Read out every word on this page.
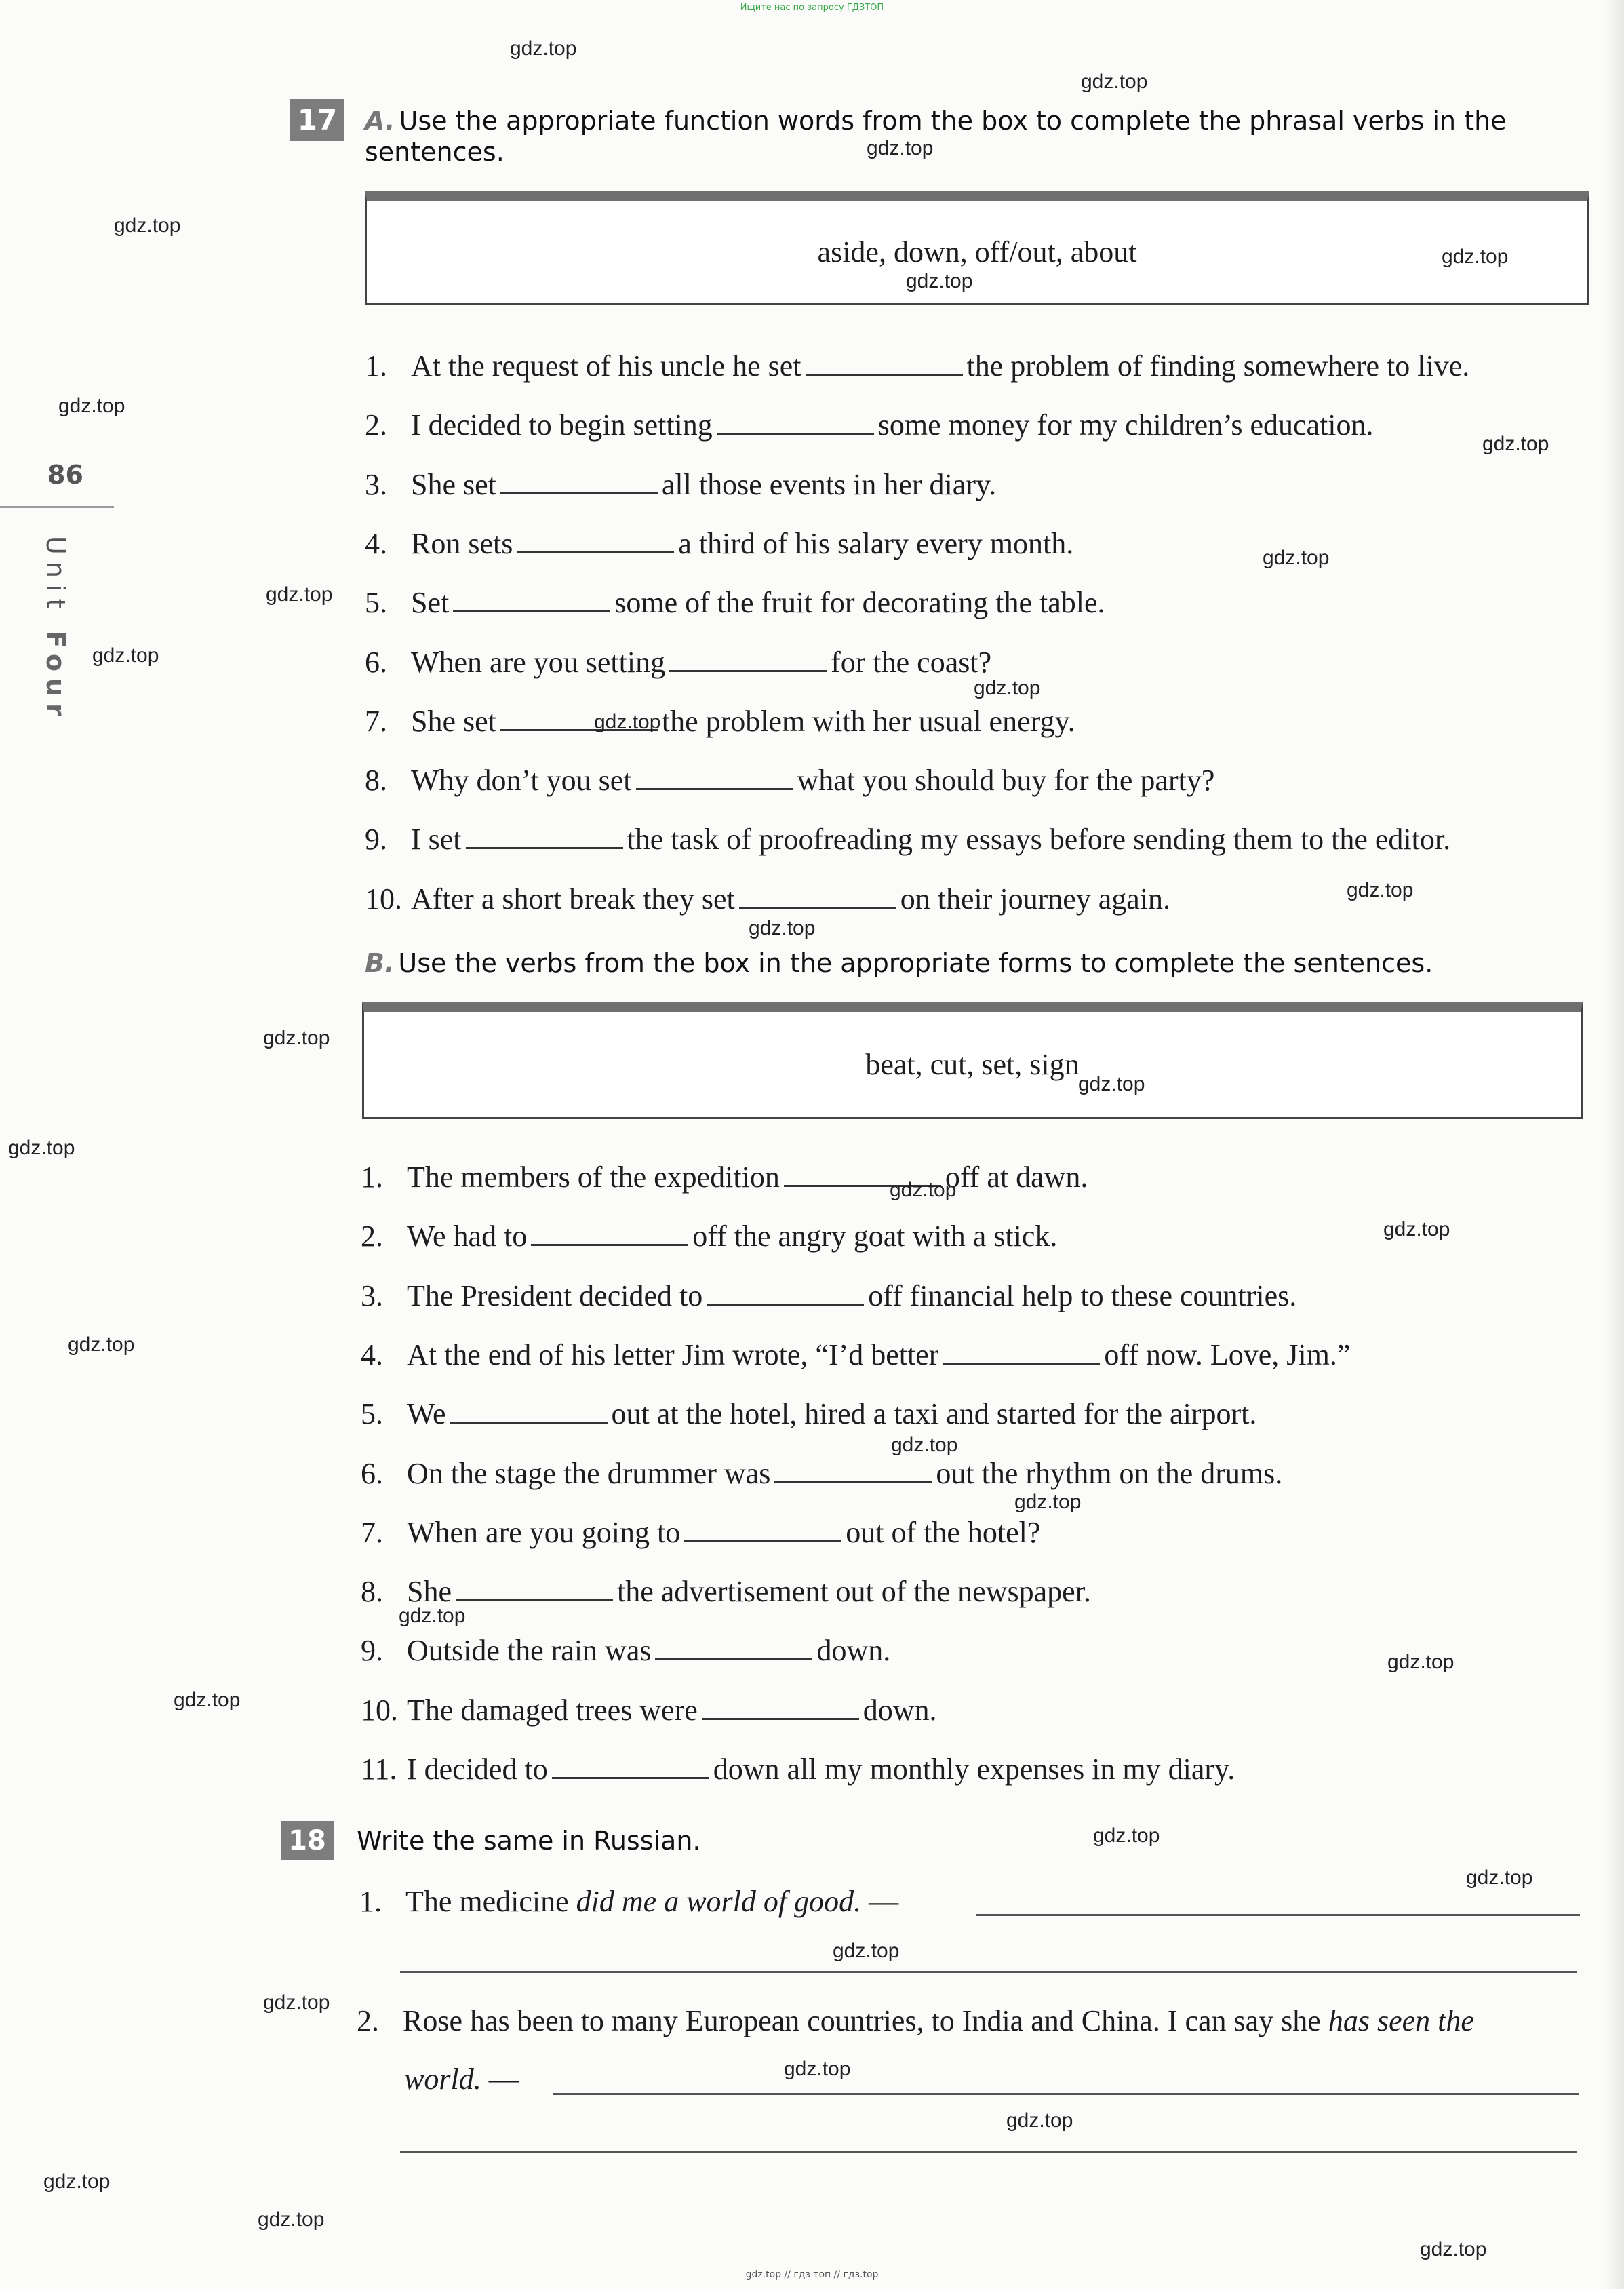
Ищите нас по запросу ГДЗТОП
86
Unit Four
17 A. Use the appropriate function words from the box to complete the phrasal verbs in the
sentences.
aside, down, off/out, about
1. At the request of his uncle he set	the problem of finding somewhere to live.
2. I decided to begin setting	some money for my children’s education.
3. She set	all those events in her diary.
4. Ron sets	a third of his salary every month.
5. Set	some of the fruit for decorating the table.
6. When are you setting	for the coast?
7. She set	the problem with her usual energy.
8. Why don’t you set	what you should buy for the party?
9. I set	the task of proofreading my essays before sending them to the editor.
10. After a short break they set	on their journey again.
B. Use the verbs from the box in the appropriate forms to complete the sentences.
beat, cut, set, sign
1. The members of the expedition	off at dawn.
2. We had to	off the angry goat with a stick.
3. The President decided to	off financial help to these countries.
4. At the end of his letter Jim wrote, “I’d better	off now. Love, Jim.”
5. We	out at the hotel, hired a taxi and started for the airport.
6. On the stage the drummer was	out the rhythm on the drums.
7. When are you going to	out of the hotel?
8. She	the advertisement out of the newspaper.
9. Outside the rain was	down.
10. The damaged trees were	down.
11. I decided to	down all my monthly expenses in my diary.
18 Write the same in Russian.
1. The medicine did me a world of good. —
2. Rose has been to many European countries, to India and China. I can say she has seen the
world. —
gdz.top
gdz.top
gdz.top
gdz.top
gdz.top
gdz.top
gdz.top
gdz.top
gdz.top
gdz.top
gdz.top
gdz.top
gdz.top
gdz.top
gdz.top
gdz.top
gdz.top
gdz.top
gdz.top
gdz.top
gdz.top
gdz.top
gdz.top
gdz.top
gdz.top
gdz.top
gdz.top
gdz.top
gdz.top
gdz.top
gdz.top
gdz.top
gdz.top
gdz.top
gdz.top
gdz.top // гдз топ // гдз.top
